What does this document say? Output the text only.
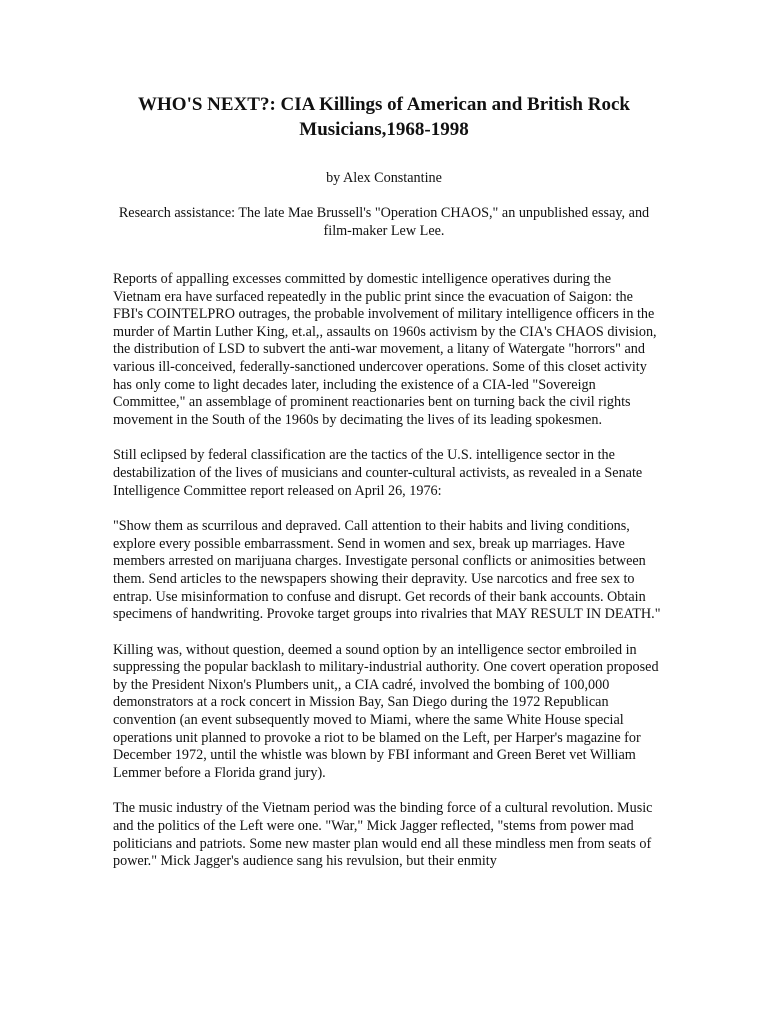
WHO'S NEXT?: CIA Killings of American and British Rock
Musicians,1968-1998

by Alex Constantine

Research assistance: The late Mae Brussell's "Operation CHAOS," an unpublished essay, and film-maker Lew Lee.

Reports of appalling excesses committed by domestic intelligence operatives during the Vietnam era have surfaced repeatedly in the public print since the evacuation of Saigon: the FBI's COINTELPRO outrages, the probable involvement of military intelligence officers in the murder of Martin Luther King, et.al,, assaults on 1960s activism by the CIA's CHAOS division, the distribution of LSD to subvert the anti-war movement, a litany of Watergate "horrors" and various ill-conceived, federally-sanctioned undercover operations. Some of this closet activity has only come to light decades later, including the existence of a CIA-led "Sovereign Committee," an assemblage of prominent reactionaries bent on turning back the civil rights movement in the South of the 1960s by decimating the lives of its leading spokesmen.

Still eclipsed by federal classification are the tactics of the U.S. intelligence sector in the destabilization of the lives of musicians and counter-cultural activists, as revealed in a Senate Intelligence Committee report released on April 26, 1976:

"Show them as scurrilous and depraved. Call attention to their habits and living conditions, explore every possible embarrassment. Send in women and sex, break up marriages. Have members arrested on marijuana charges. Investigate personal conflicts or animosities between them. Send articles to the newspapers showing their depravity. Use narcotics and free sex to entrap. Use misinformation to confuse and disrupt. Get records of their bank accounts. Obtain specimens of handwriting. Provoke target groups into rivalries that MAY RESULT IN DEATH."

Killing was, without question, deemed a sound option by an intelligence sector embroiled in suppressing the popular backlash to military-industrial authority. One covert operation proposed by the President Nixon's Plumbers unit,, a CIA cadré, involved the bombing of 100,000 demonstrators at a rock concert in Mission Bay, San Diego during the 1972 Republican convention (an event subsequently moved to Miami, where the same White House special operations unit planned to provoke a riot to be blamed on the Left, per Harper's magazine for December 1972, until the whistle was blown by FBI informant and Green Beret vet William Lemmer before a Florida grand jury).

The music industry of the Vietnam period was the binding force of a cultural revolution. Music and the politics of the Left were one. "War," Mick Jagger reflected, "stems from power mad politicians and patriots. Some new master plan would end all these mindless men from seats of power." Mick Jagger's audience sang his revulsion, but their enmity
